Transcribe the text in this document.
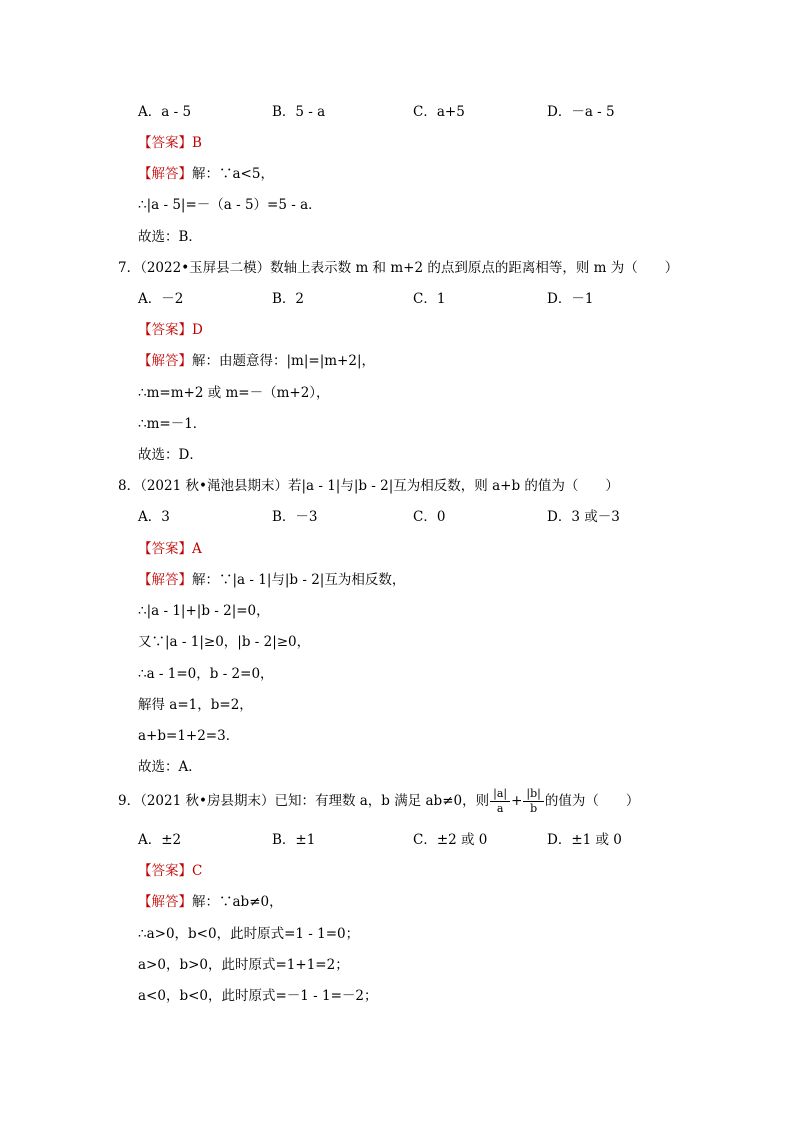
A．a - 5	B．5 - a	C．a+5	D．－a - 5
【答案】B
【解答】解：∵a<5，
∴|a - 5|=－（a - 5）=5 - a．
故选：B．
7．（2022•玉屏县二模）数轴上表示数 m 和 m+2 的点到原点的距离相等，则 m 为（　　）
A．－2	B．2	C．1	D．－1
【答案】D
【解答】解：由题意得：|m|=|m+2|，
∴m=m+2 或 m=－（m+2），
∴m=－1．
故选：D．
8．（2021 秋•渑池县期末）若|a - 1|与|b - 2|互为相反数，则 a+b 的值为（　　）
A．3	B．－3	C．0	D．3 或－3
【答案】A
【解答】解：∵|a - 1|与|b - 2|互为相反数，
∴|a - 1|+|b - 2|=0，
又∵|a - 1|≥0，|b - 2|≥0，
∴a - 1=0，b - 2=0，
解得 a=1，b=2，
a+b=1+2=3．
故选：A．
9．（2021 秋•房县期末）已知：有理数 a，b 满足 ab≠0，则 $\frac{|a|}{a} + \frac{|b|}{b}$ 的值为（　　）
A．±2	B．±1	C．±2 或 0	D．±1 或 0
【答案】C
【解答】解：∵ab≠0，
∴a>0，b<0，此时原式=1 - 1=0；
a>0，b>0，此时原式=1+1=2；
a<0，b<0，此时原式=－1 - 1=－2；
